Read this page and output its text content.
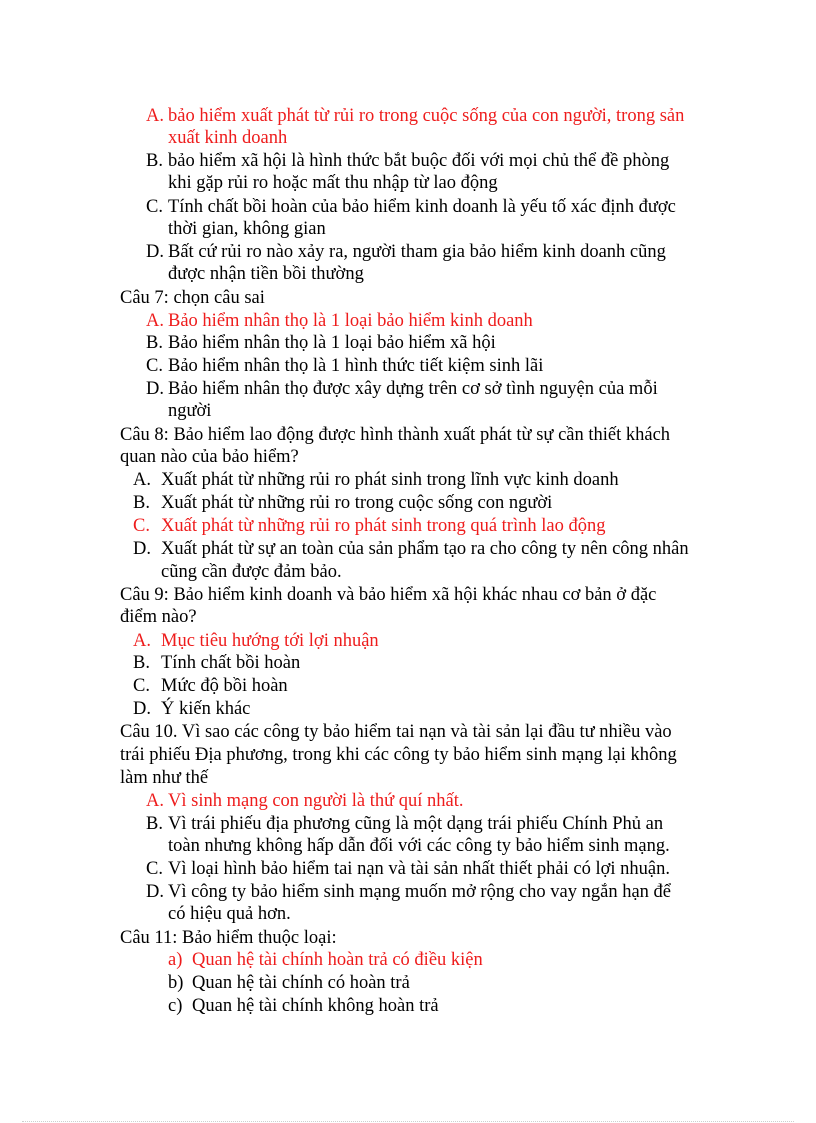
A. bảo hiểm xuất phát từ rủi ro trong cuộc sống của con người, trong sản
xuất kinh doanh
B. bảo hiểm xã hội là hình thức bắt buộc đối với mọi chủ thể đề phòng
khi gặp rủi ro hoặc mất thu nhập từ lao động
C. Tính chất bồi hoàn của bảo hiểm kinh doanh là yếu tố xác định được
thời gian, không gian
D. Bất cứ rủi ro nào xảy ra, người tham gia bảo hiểm kinh doanh cũng
được nhận tiền bồi thường
Câu 7: chọn câu sai
A. Bảo hiểm nhân thọ là 1 loại bảo hiểm kinh doanh
B. Bảo hiểm nhân thọ là 1 loại bảo hiểm xã hội
C. Bảo hiểm nhân thọ là 1 hình thức tiết kiệm sinh lãi
D. Bảo hiểm nhân thọ được xây dựng trên cơ sở tình nguyện của mỗi
người
Câu 8: Bảo hiểm lao động được hình thành xuất phát từ sự cần thiết khách
quan nào của bảo hiểm?
A. Xuất phát từ những rủi ro phát sinh trong lĩnh vực kinh doanh
B. Xuất phát từ những rủi ro trong cuộc sống con người
C. Xuất phát từ những rủi ro phát sinh trong quá trình lao động
D. Xuất phát từ sự an toàn của sản phẩm tạo ra cho công ty nên công nhân
cũng cần được đảm bảo.
Câu 9: Bảo hiểm kinh doanh và bảo hiểm xã hội khác nhau cơ bản ở đặc
điểm nào?
A. Mục tiêu hướng tới lợi nhuận
B. Tính chất bồi hoàn
C. Mức độ bồi hoàn
D. Ý kiến khác
Câu 10. Vì sao các công ty bảo hiểm tai nạn và tài sản lại đầu tư nhiều vào
trái phiếu Địa phương, trong khi các công ty bảo hiểm sinh mạng lại không
làm như thế
A. Vì sinh mạng con người là thứ quí nhất.
B. Vì trái phiếu địa phương cũng là một dạng trái phiếu Chính Phủ an
toàn nhưng không hấp dẫn đối với các công ty bảo hiểm sinh mạng.
C. Vì loại hình bảo hiểm tai nạn và tài sản nhất thiết phải có lợi nhuận.
D. Vì công ty bảo hiểm sinh mạng muốn mở rộng cho vay ngắn hạn để
có hiệu quả hơn.
Câu 11: Bảo hiểm thuộc loại:
a) Quan hệ tài chính hoàn trả có điều kiện
b) Quan hệ tài chính có hoàn trả
c) Quan hệ tài chính không hoàn trả
